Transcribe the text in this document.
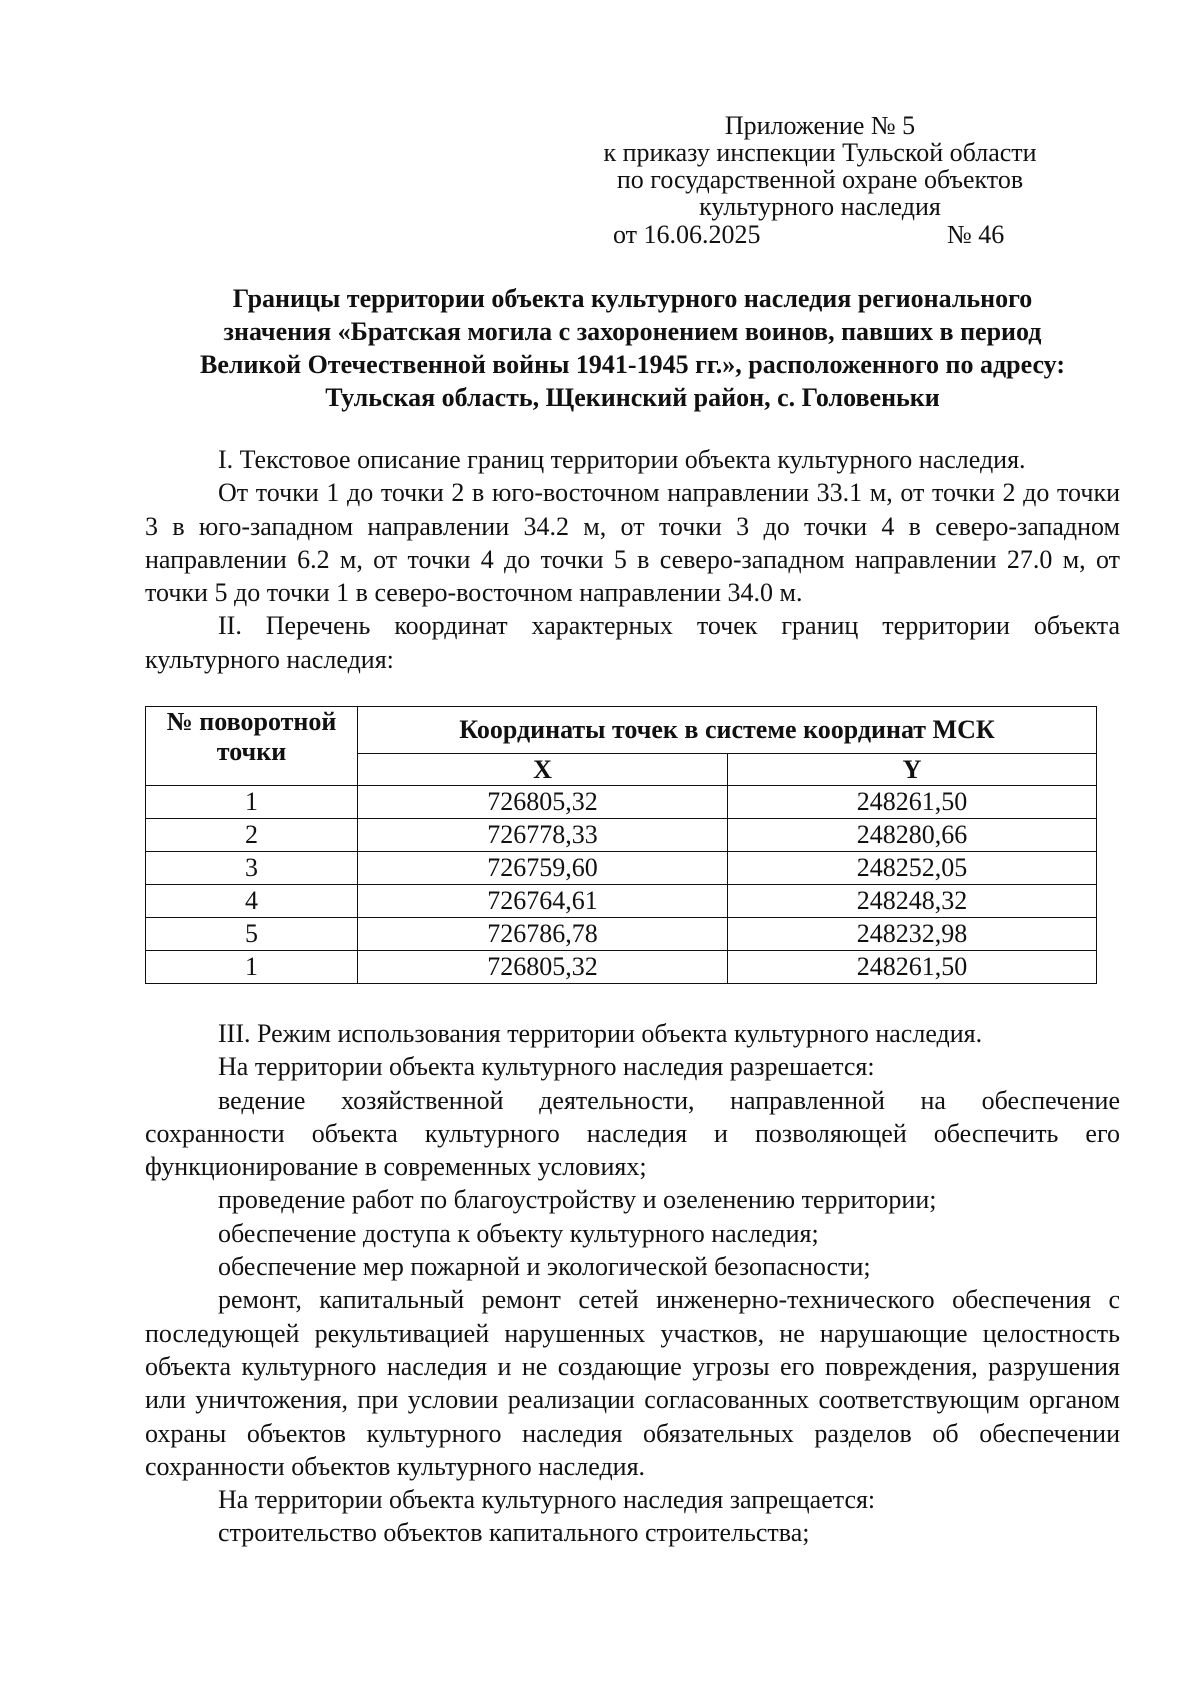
Приложение № 5
к приказу инспекции Тульской области
по государственной охране объектов
культурного наследия
от 16.06.2025	№ 46
Границы территории объекта культурного наследия регионального
значения «Братская могила с захоронением воинов, павших в период
Великой Отечественной войны 1941-1945 гг.», расположенного по адресу:
Тульская область, Щекинский район, с. Головеньки

I. Текстовое описание границ территории объекта культурного наследия.

От точки 1 до точки 2 в юго-восточном направлении 33.1 м, от точки 2 до точки 3 в юго-западном направлении 34.2 м, от точки 3 до точки 4 в северо-западном направлении 6.2 м, от точки 4 до точки 5 в северо-западном направлении 27.0 м, от точки 5 до точки 1 в северо-восточном направлении 34.0 м.

II. Перечень координат характерных точек границ территории объекта культурного наследия:

№ поворотной точки	Координаты точек в системе координат МСК	
	X	Y
1	726805,32	248261,50
2	726778,33	248280,66
3	726759,60	248252,05
4	726764,61	248248,32
5	726786,78	248232,98
1	726805,32	248261,50

III. Режим использования территории объекта культурного наследия.

На территории объекта культурного наследия разрешается:

ведение хозяйственной деятельности, направленной на обеспечение сохранности объекта культурного наследия и позволяющей обеспечить его функционирование в современных условиях;

проведение работ по благоустройству и озеленению территории;

обеспечение доступа к объекту культурного наследия;

обеспечение мер пожарной и экологической безопасности;

ремонт, капитальный ремонт сетей инженерно-технического обеспечения с последующей рекультивацией нарушенных участков, не нарушающие целостность объекта культурного наследия и не создающие угрозы его повреждения, разрушения или уничтожения, при условии реализации согласованных соответствующим органом охраны объектов культурного наследия обязательных разделов об обеспечении сохранности объектов культурного наследия.

На территории объекта культурного наследия запрещается:

строительство объектов капитального строительства;
